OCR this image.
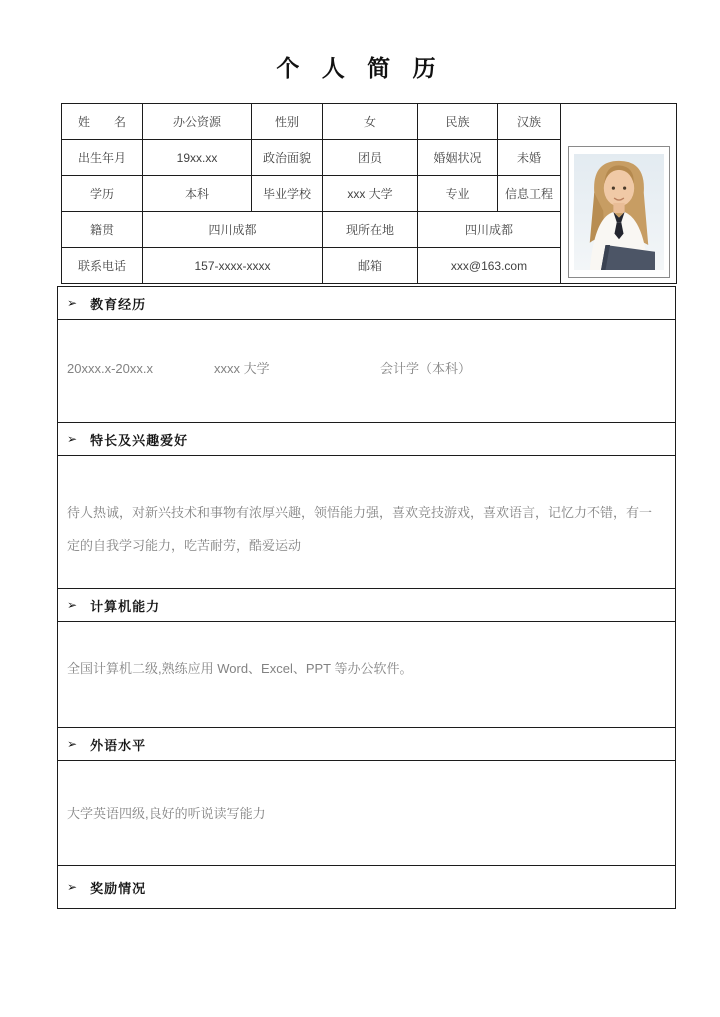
个 人 简 历
姓　　名	办公资源	性别	女	民族	汉族	

出生年月	19xx.xx	政治面貌	团员	婚姻状况	未婚	
学历	本科	毕业学校	xxx 大学	专业	信息工程	
籍贯	四川成都		现所在地	四川成都		
联系电话	157-xxxx-xxxx		邮箱	xxx@163.com		
➢ 教育经历
20xxx.x-20xx.x	xxxx 大学	会计学（本科）
➢ 特长及兴趣爱好
待人热诚，对新兴技术和事物有浓厚兴趣，领悟能力强，喜欢竞技游戏，喜欢语言，记忆力不错，有一定的自我学习能力，吃苦耐劳，酷爱运动
➢ 计算机能力
全国计算机二级,熟练应用 Word、Excel、PPT 等办公软件。
➢ 外语水平
大学英语四级,良好的听说读写能力
➢ 奖励情况
